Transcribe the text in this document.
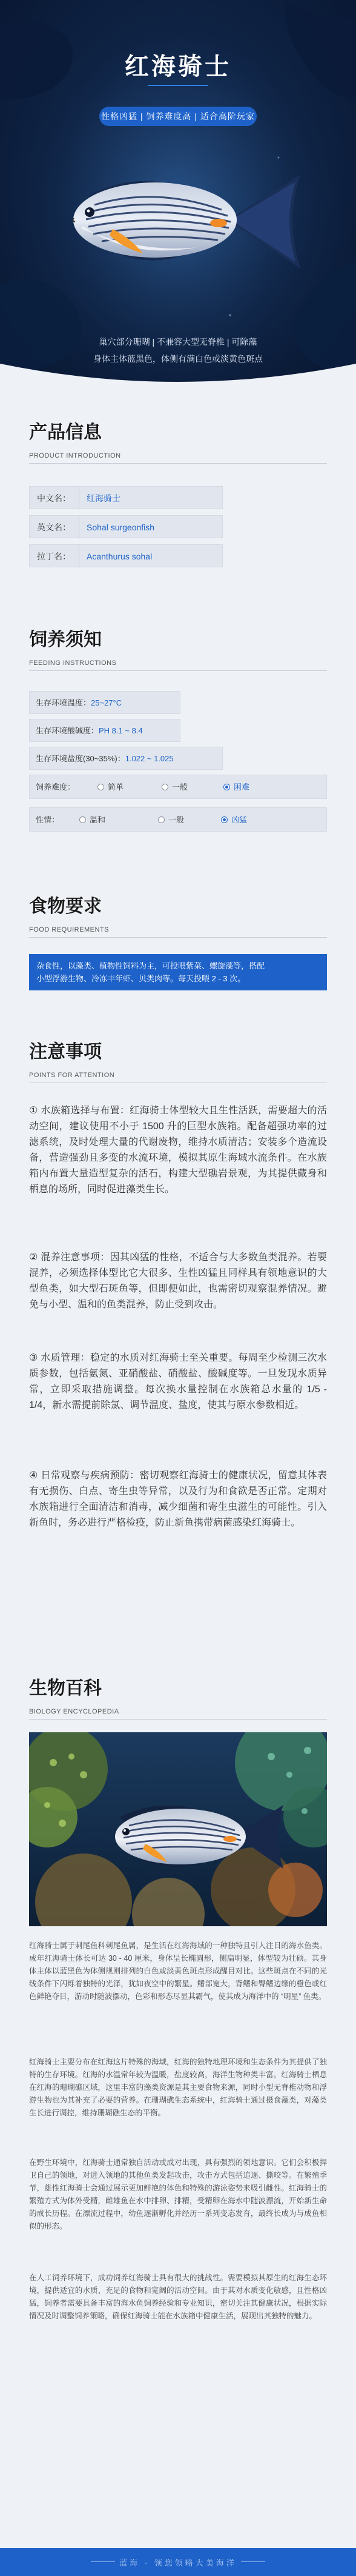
红海骑士
性格凶猛 | 饲养难度高 | 适合高阶玩家
巢穴部分珊瑚 | 不兼容大型无脊椎 | 可除藻
身体主体蓝黑色，体侧有满白色或淡黄色斑点
产品信息
PRODUCT INTRODUCTION
中文名： 红海骑士
英文名： Sohal surgeonfish
拉丁名： Acanthurus sohal
饲养须知
FEEDING INSTRUCTIONS
生存环境温度：25~27°C
生存环境酸碱度：PH 8.1 ~ 8.4
生存环境盐度(30~35%)：1.022 ~ 1.025
饲养难度：	简单	一般	困难
性情：	温和	一般	凶猛
食物要求
FOOD REQUIREMENTS
杂食性，以藻类、植物性饲料为主，可投喂紫菜、螺旋藻等，搭配
小型浮游生物、冷冻丰年虾、贝类肉等。每天投喂 2 - 3 次。
注意事项
POINTS FOR ATTENTION
① 水族箱选择与布置：红海骑士体型较大且生性活跃，需要超大的活动空间，建议使用不小于 1500 升的巨型水族箱。配备超强功率的过滤系统，及时处理大量的代谢废物，维持水质清洁；安装多个造流设备，营造强劲且多变的水流环境，模拟其原生海域水流条件。在水族箱内布置大量造型复杂的活石，构建大型礁岩景观，为其提供藏身和栖息的场所，同时促进藻类生长。
② 混养注意事项：因其凶猛的性格，不适合与大多数鱼类混养。若要混养，必须选择体型比它大很多、生性凶猛且同样具有领地意识的大型鱼类，如大型石斑鱼等，但即便如此，也需密切观察混养情况。避免与小型、温和的鱼类混养，防止受到攻击。
③ 水质管理：稳定的水质对红海骑士至关重要。每周至少检测三次水质参数，包括氨氮、亚硝酸盐、硝酸盐、酸碱度等。一旦发现水质异常，立即采取措施调整。每次换水量控制在水族箱总水量的 1/5 - 1/4，新水需提前除氯、调节温度、盐度，使其与原水参数相近。
④ 日常观察与疾病预防：密切观察红海骑士的健康状况，留意其体表有无损伤、白点、寄生虫等异常，以及行为和食欲是否正常。定期对水族箱进行全面清洁和消毒，减少细菌和寄生虫滋生的可能性。引入新鱼时，务必进行严格检疫，防止新鱼携带病菌感染红海骑士。
生物百科
BIOLOGY ENCYCLOPEDIA
红海骑士属于刺尾鱼科刺尾鱼属，是生活在红海海域的一种独特且引人注目的海水鱼类。成年红海骑士体长可达 30 - 40 厘米，身体呈长椭圆形，侧扁明显，体型较为壮硕。其身体主体以蓝黑色为体侧规则排列的白色或淡黄色斑点形成醒目对比。这些斑点在不同的光线条件下闪烁着独特的光泽，犹如夜空中的繁星。鳍部宽大，背鳍和臀鳍边缘的橙色或红色鲜艳夺目，游动时随波摆动，色彩和形态尽显其霸气，使其成为海洋中的 “明星” 鱼类。
红海骑士主要分布在红海这片特殊的海域，红海的独特地理环境和生态条件为其提供了独特的生存环境。红海的水温常年较为温暖，盐度较高，海洋生物种类丰富。红海骑士栖息在红海的珊瑚礁区域，这里丰富的藻类资源是其主要食物来源，同时小型无脊椎动物和浮游生物也为其补充了必要的营养。在珊瑚礁生态系统中，红海骑士通过摄食藻类，对藻类生长进行调控，维持珊瑚礁生态的平衡。
在野生环境中，红海骑士通常独自活动或成对出现，具有强烈的领地意识。它们会积极捍卫自己的领地，对进入领地的其他鱼类发起攻击，攻击方式包括追逐、撕咬等。在繁殖季节，雄性红海骑士会通过展示更加鲜艳的体色和特殊的游泳姿势来吸引雌性。红海骑士的繁殖方式为体外受精，雌雄鱼在水中排卵、排精，受精卵在海水中随波漂流，开始新生命的成长历程。在漂流过程中，幼鱼逐渐孵化并经历一系列变态发育，最终长成为与成鱼相似的形态。
在人工饲养环境下，成功饲养红海骑士具有很大的挑战性。需要模拟其原生的红海生态环境，提供适宜的水质、充足的食物和宽阔的活动空间。由于其对水质变化敏感，且性格凶猛，饲养者需要具备丰富的海水鱼饲养经验和专业知识，密切关注其健康状况，根据实际情况及时调整饲养策略，确保红海骑士能在水族箱中健康生活，展现出其独特的魅力。
蓝海 · 领您领略大美海洋
